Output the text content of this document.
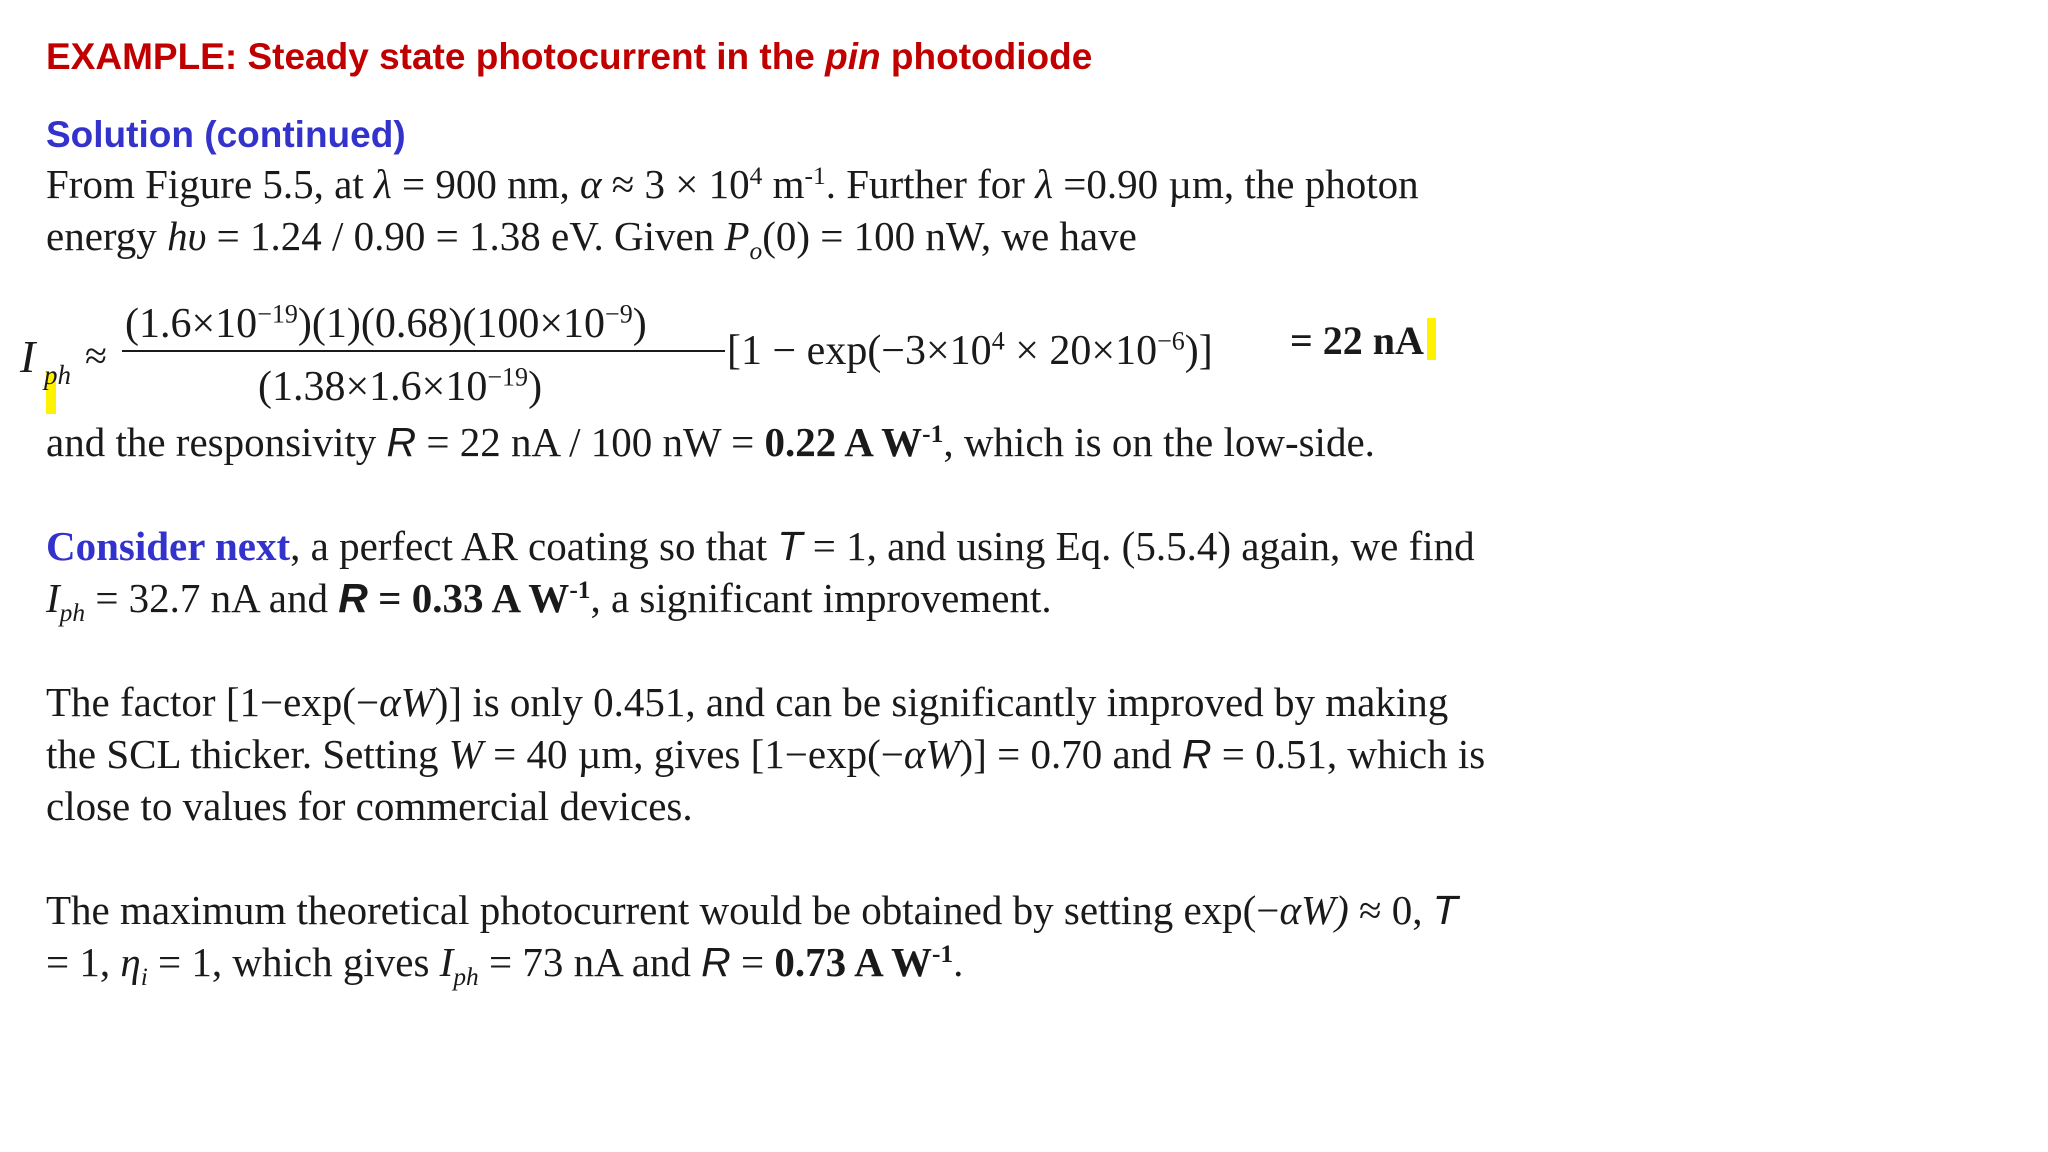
EXAMPLE: Steady state photocurrent in the pin photodiode
Solution (continued)
From Figure 5.5, at λ = 900 nm, $\alpha \approx 3 \times 10^4$ $m^{-1}$. Further for λ =0.90 µm, the photon
energy hυ = 1.24 / 0.90 = 1.38 eV. Given $P_o(0) = 100$ nW, we have
I ph ≈
$(1.6\times 10^{-19})(1)(0.68)(100\times 10^{-9})$
$(1.38\times 1.6\times 10^{-19})$
$[1 - \exp(-3\times 10^4 \times 20\times 10^{-6})] = 22$ nA
and the responsivity R = 22 nA / 100 nW = 0.22 A $W^{-1}$, which is on the low-side.
Consider next, a perfect AR coating so that T = 1, and using Eq. (5.5.4) again, we find
$I_{ph} = 32.7$ nA and R = 0.33 A $W^{-1}$, a significant improvement.
The factor [1−exp(−αW)] is only 0.451, and can be significantly improved by making
the SCL thicker. Setting W = 40 µm, gives [1−exp(−αW)] = 0.70 and R = 0.51, which is
close to values for commercial devices.
The maximum theoretical photocurrent would be obtained by setting exp(−αW) ≈ 0, T
= 1, $\eta_i = 1$, which gives $I_{ph} = 73$ nA and R = 0.73 A $W^{-1}$.
